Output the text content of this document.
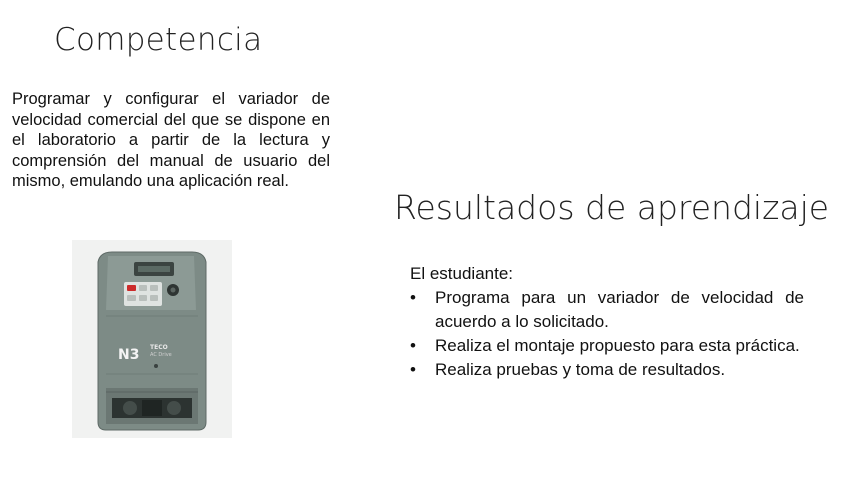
Competencia

Programar y configurar el variador de velocidad comercial del que se dispone en el laboratorio a partir de la lectura y comprensión del manual de usuario del mismo, emulando una aplicación real.

N3 TECO
AC Drive
Resultados de aprendizaje

El estudiante:

• Programa para un variador de velocidad de acuerdo a lo solicitado.
• Realiza el montaje propuesto para esta práctica.
• Realiza pruebas y toma de resultados.
